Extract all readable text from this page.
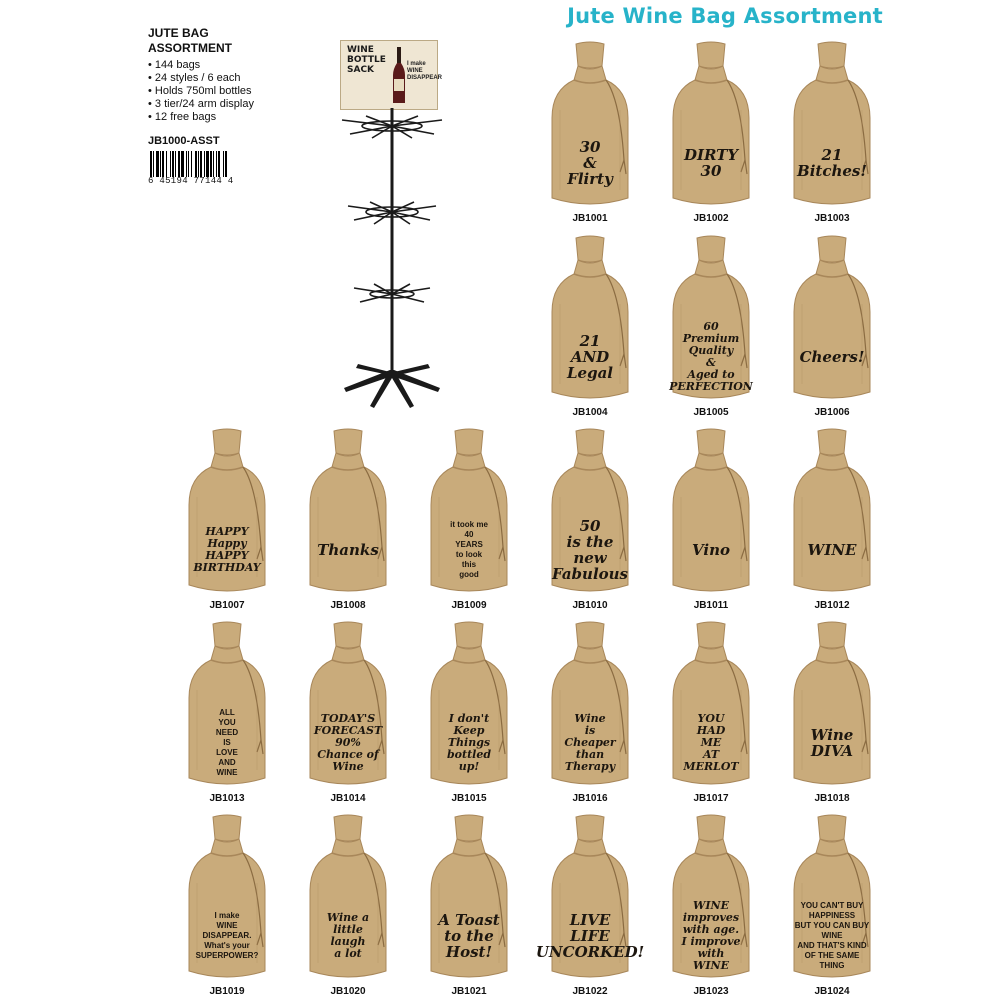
Jute Wine Bag Assortment
JUTE BAG
ASSORTMENT
• 144 bags
• 24 styles / 6 each
• Holds 750ml bottles
• 3 tier/24 arm display
• 12 free bags
JB1000-ASST
6 45194 77144 4
WINE BOTTLE SACK
I make WINE DISAPPEAR
30
&
Flirty
JB1001
DIRTY
30
JB1002
21
Bitches!
JB1003
21
AND
Legal
JB1004
60
Premium Quality
&
Aged to
PERFECTION
JB1005
Cheers!
JB1006
HAPPY
Happy
HAPPY
BIRTHDAY
JB1007
Thanks
JB1008
it took me
40
YEARS
to look
this
good
JB1009
50
is the new
Fabulous
JB1010
Vino
JB1011
WINE
JB1012
ALL
YOU
NEED
IS
LOVE
AND
WINE
JB1013
TODAY'S FORECAST
90%
Chance of Wine
JB1014
I don't
Keep Things
bottled
up!
JB1015
Wine
is
Cheaper
than
Therapy
JB1016
YOU
HAD
ME
AT
MERLOT
JB1017
Wine
DIVA
JB1018
I make
WINE
DISAPPEAR.
What's your
SUPERPOWER?
JB1019
Wine a
little
laugh
a lot
JB1020
A Toast
to the
Host!
JB1021
LIVE
LIFE
UNCORKED!
JB1022
WINE
improves with age.
I improve with
WINE
JB1023
YOU CAN'T BUY
HAPPINESS
BUT YOU CAN BUY
WINE
AND THAT'S KIND
OF THE SAME THING
JB1024
